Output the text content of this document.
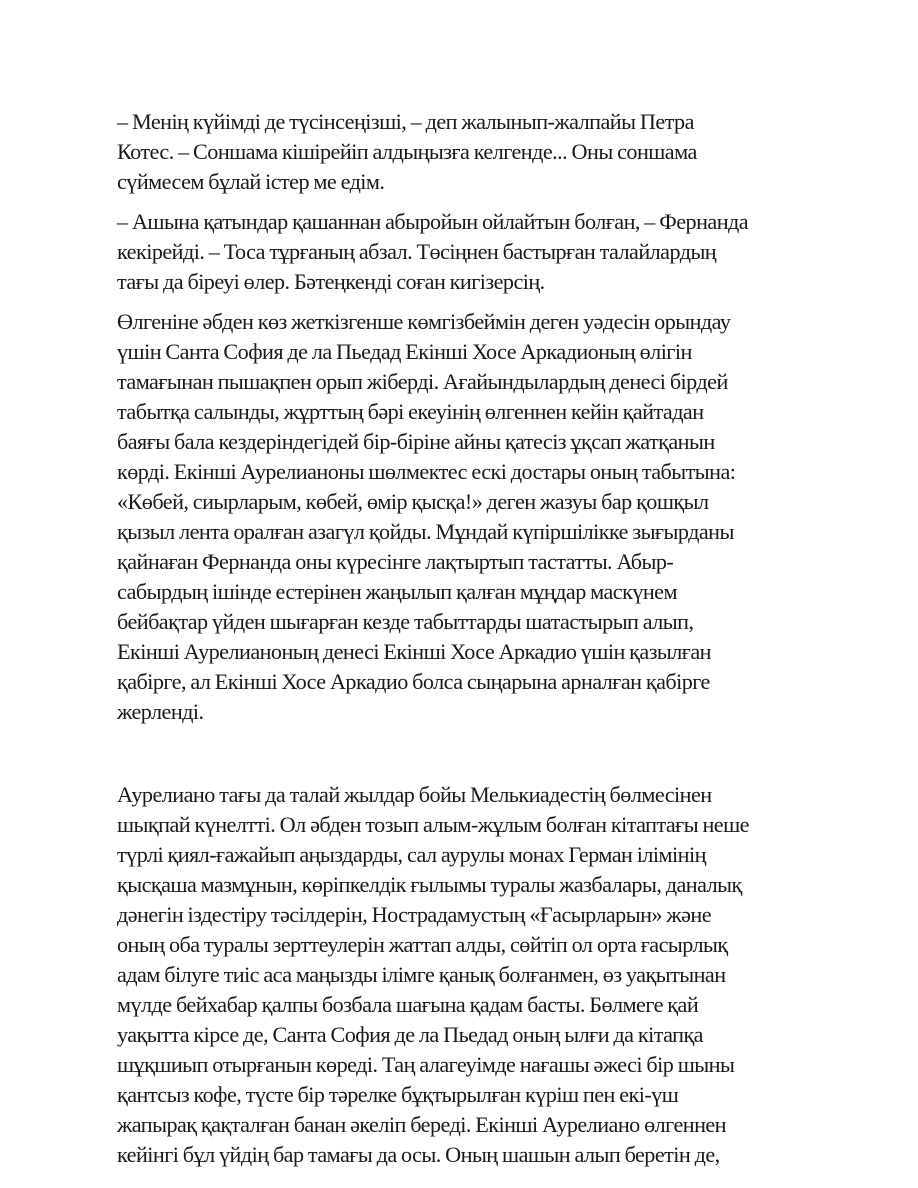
– Менің күйімді де түсінсеңізші, – деп жалынып-жалпайы Петра
Котес. – Соншама кішірейіп алдыңызға келгенде... Оны соншама
сүймесем бұлай істер ме едім.

– Ашына қатындар қашаннан абыройын ойлайтын болған, – Фернанда
кекірейді. – Тоса тұрғаның абзал. Төсіңнен бастырған талайлардың
тағы да біреуі өлер. Бәтеңкенді соған кигізерсің.

Өлгеніне әбден көз жеткізгенше көмгізбеймін деген уәдесін орындау
үшін Санта София де ла Пьедад Екінші Хосе Аркадионың өлігін
тамағынан пышақпен орып жіберді. Ағайындылардың денесі бірдей
табытқа салынды, жұрттың бәрі екеуінің өлгеннен кейін қайтадан
баяғы бала кездеріндегідей бір-біріне айны қатесіз ұқсап жатқанын
көрді. Екінші Аурелианоны шөлмектес ескі достары оның табытына:
«Көбей, сиырларым, көбей, өмір қысқа!» деген жазуы бар қошқыл
қызыл лента оралған азагүл қойды. Мұндай күпіршілікке зығырданы
қайнаған Фернанда оны күресінге лақтыртып тастатты. Абыр-
сабырдың ішінде естерінен жаңылып қалған мұңдар маскүнем
бейбақтар үйден шығарған кезде табыттарды шатастырып алып,
Екінші Аурелианоның денесі Екінші Хосе Аркадио үшін қазылған
қабірге, ал Екінші Хосе Аркадио болса сыңарына арналған қабірге
жерленді.

Аурелиано тағы да талай жылдар бойы Мелькиадестің бөлмесінен
шықпай күнелтті. Ол әбден тозып алым-жұлым болған кітаптағы неше
түрлі қиял-ғажайып аңыздарды, сал аурулы монах Герман ілімінің
қысқаша мазмұнын, көріпкелдік ғылымы туралы жазбалары, даналық
дәнегін іздестіру тәсілдерін, Нострадамустың «Ғасырларын» және
оның оба туралы зерттеулерін жаттап алды, сөйтіп ол орта ғасырлық
адам білуге тиіс аса маңызды ілімге қанық болғанмен, өз уақытынан
мүлде бейхабар қалпы бозбала шағына қадам басты. Бөлмеге қай
уақытта кірсе де, Санта София де ла Пьедад оның ылғи да кітапқа
шұқшиып отырғанын көреді. Таң алагеуімде нағашы әжесі бір шыны
қантсыз кофе, түсте бір тәрелке бұқтырылған күріш пен екі-үш
жапырақ қақталған банан әкеліп береді. Екінші Аурелиано өлгеннен
кейінгі бұл үйдің бар тамағы да осы. Оның шашын алып беретін де,
